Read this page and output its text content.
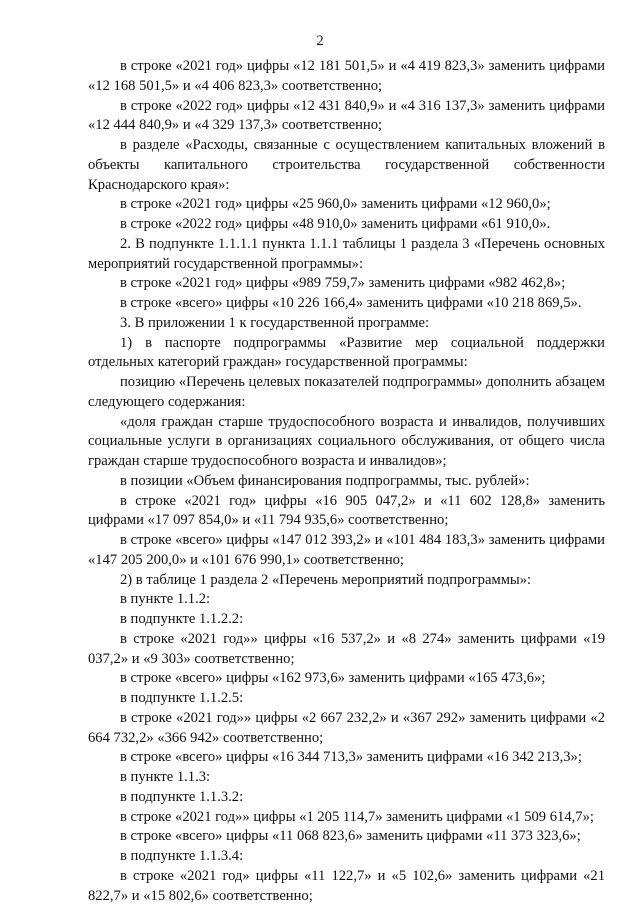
2

в строке «2021 год» цифры «12 181 501,5» и «4 419 823,3» заменить цифрами «12 168 501,5» и «4 406 823,3» соответственно;

в строке «2022 год» цифры «12 431 840,9» и «4 316 137,3» заменить цифрами «12 444 840,9» и «4 329 137,3» соответственно;

в разделе «Расходы, связанные с осуществлением капитальных вложений в объекты капитального строительства государственной собственности Краснодарского края»:

в строке «2021 год» цифры «25 960,0» заменить цифрами «12 960,0»;

в строке «2022 год» цифры «48 910,0» заменить цифрами «61 910,0».

2. В подпункте 1.1.1.1 пункта 1.1.1 таблицы 1 раздела 3 «Перечень основных мероприятий государственной программы»:

в строке «2021 год» цифры «989 759,7» заменить цифрами «982 462,8»;

в строке «всего» цифры «10 226 166,4» заменить цифрами «10 218 869,5».

3. В приложении 1 к государственной программе:

1) в паспорте подпрограммы «Развитие мер социальной поддержки отдельных категорий граждан» государственной программы:

позицию «Перечень целевых показателей подпрограммы» дополнить абзацем следующего содержания:

«доля граждан старше трудоспособного возраста и инвалидов, получивших социальные услуги в организациях социального обслуживания, от общего числа граждан старше трудоспособного возраста и инвалидов»;

в позиции «Объем финансирования подпрограммы, тыс. рублей»:

в строке «2021 год» цифры «16 905 047,2» и «11 602 128,8» заменить цифрами «17 097 854,0» и «11 794 935,6» соответственно;

в строке «всего» цифры «147 012 393,2» и «101 484 183,3» заменить цифрами «147 205 200,0» и «101 676 990,1» соответственно;

2) в таблице 1 раздела 2 «Перечень мероприятий подпрограммы»:

в пункте 1.1.2:

в подпункте 1.1.2.2:

в строке «2021 год»» цифры «16 537,2» и «8 274» заменить цифрами «19 037,2» и «9 303» соответственно;

в строке «всего» цифры «162 973,6» заменить цифрами «165 473,6»;

в подпункте 1.1.2.5:

в строке «2021 год»» цифры «2 667 232,2» и «367 292» заменить цифрами «2 664 732,2» «366 942» соответственно;

в строке «всего» цифры «16 344 713,3» заменить цифрами «16 342 213,3»;

в пункте 1.1.3:

в подпункте 1.1.3.2:

в строке «2021 год»» цифры «1 205 114,7» заменить цифрами «1 509 614,7»;

в строке «всего» цифры «11 068 823,6» заменить цифрами «11 373 323,6»;

в подпункте 1.1.3.4:

в строке «2021 год» цифры «11 122,7» и «5 102,6» заменить цифрами «21 822,7» и «15 802,6» соответственно;
